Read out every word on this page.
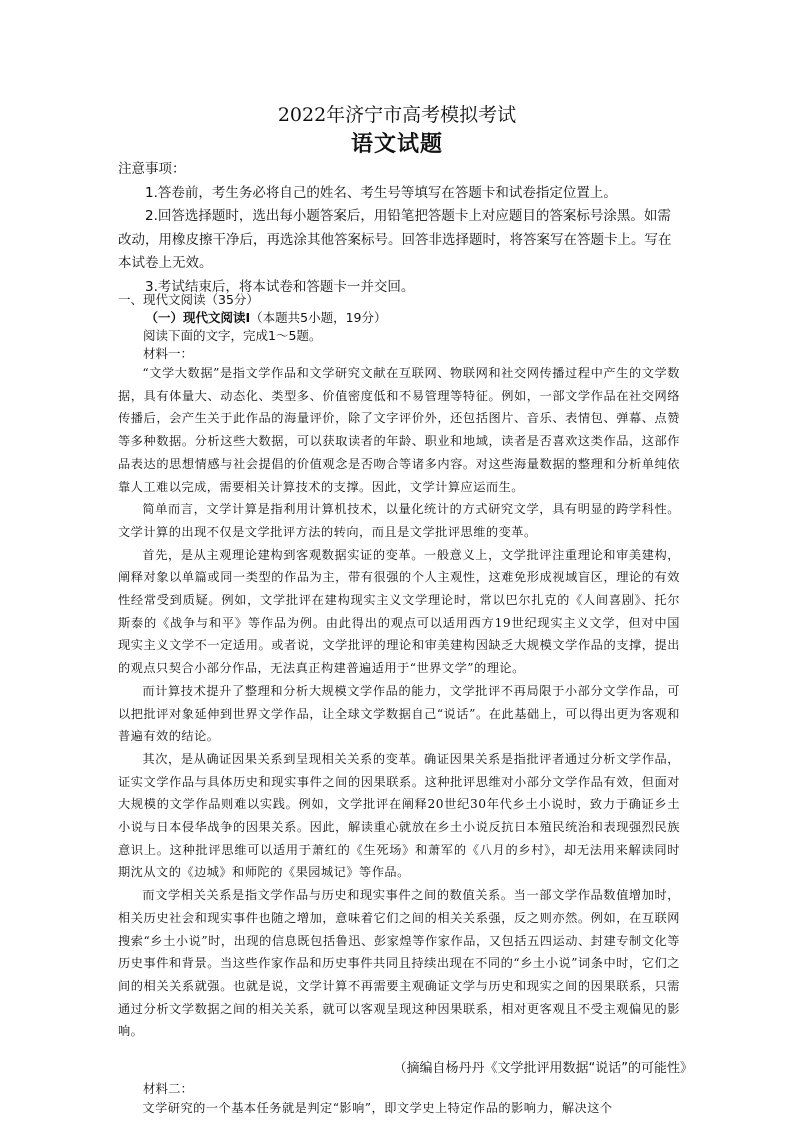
2022年济宁市高考模拟考试
语文试题

注意事项：

1.答卷前，考生务必将自己的姓名、考生号等填写在答题卡和试卷指定位置上。

2.回答选择题时，选出每小题答案后，用铅笔把答题卡上对应题目的答案标号涂黑。如需改动，用橡皮擦干净后，再选涂其他答案标号。回答非选择题时，将答案写在答题卡上。写在本试卷上无效。

3.考试结束后，将本试卷和答题卡一并交回。

一、现代文阅读（35分）

（一）现代文阅读Ⅰ（本题共5小题，19分）

阅读下面的文字，完成1～5题。

材料一：

“文学大数据”是指文学作品和文学研究文献在互联网、物联网和社交网传播过程中产生的文学数据，具有体量大、动态化、类型多、价值密度低和不易管理等特征。例如，一部文学作品在社交网络传播后，会产生关于此作品的海量评价，除了文字评价外，还包括图片、音乐、表情包、弹幕、点赞等多种数据。分析这些大数据，可以获取读者的年龄、职业和地域，读者是否喜欢这类作品，这部作品表达的思想情感与社会提倡的价值观念是否吻合等诸多内容。对这些海量数据的整理和分析单纯依靠人工难以完成，需要相关计算技术的支撑。因此，文学计算应运而生。

简单而言，文学计算是指利用计算机技术，以量化统计的方式研究文学，具有明显的跨学科性。文学计算的出现不仅是文学批评方法的转向，而且是文学批评思维的变革。

首先，是从主观理论建构到客观数据实证的变革。一般意义上，文学批评注重理论和审美建构，阐释对象以单篇或同一类型的作品为主，带有很强的个人主观性，这难免形成视域盲区，理论的有效性经常受到质疑。例如，文学批评在建构现实主义文学理论时，常以巴尔扎克的《人间喜剧》、托尔斯泰的《战争与和平》等作品为例。由此得出的观点可以适用西方19世纪现实主义文学，但对中国现实主义文学不一定适用。或者说，文学批评的理论和审美建构因缺乏大规模文学作品的支撑，提出的观点只契合小部分作品，无法真正构建普遍适用于“世界文学”的理论。

而计算技术提升了整理和分析大规模文学作品的能力，文学批评不再局限于小部分文学作品，可以把批评对象延伸到世界文学作品，让全球文学数据自己“说话”。在此基础上，可以得出更为客观和普遍有效的结论。

其次，是从确证因果关系到呈现相关关系的变革。确证因果关系是指批评者通过分析文学作品，证实文学作品与具体历史和现实事件之间的因果联系。这种批评思维对小部分文学作品有效，但面对大规模的文学作品则难以实践。例如，文学批评在阐释20世纪30年代乡土小说时，致力于确证乡土小说与日本侵华战争的因果关系。因此，解读重心就放在乡土小说反抗日本殖民统治和表现强烈民族意识上。这种批评思维可以适用于萧红的《生死场》和萧军的《八月的乡村》，却无法用来解读同时期沈从文的《边城》和师陀的《果园城记》等作品。

而文学相关关系是指文学作品与历史和现实事件之间的数值关系。当一部文学作品数值增加时，相关历史社会和现实事件也随之增加，意味着它们之间的相关关系强，反之则亦然。例如，在互联网搜索“乡土小说”时，出现的信息既包括鲁迅、彭家煌等作家作品，又包括五四运动、封建专制文化等历史事件和背景。当这些作家作品和历史事件共同且持续出现在不同的“乡土小说”词条中时，它们之间的相关关系就强。也就是说，文学计算不再需要主观确证文学与历史和现实之间的因果联系，只需通过分析文学数据之间的相关关系，就可以客观呈现这种因果联系，相对更客观且不受主观偏见的影响。

（摘编自杨丹丹《文学批评用数据“说话”的可能性》

材料二：

文学研究的一个基本任务就是判定“影响”，即文学史上特定作品的影响力，解决这个
